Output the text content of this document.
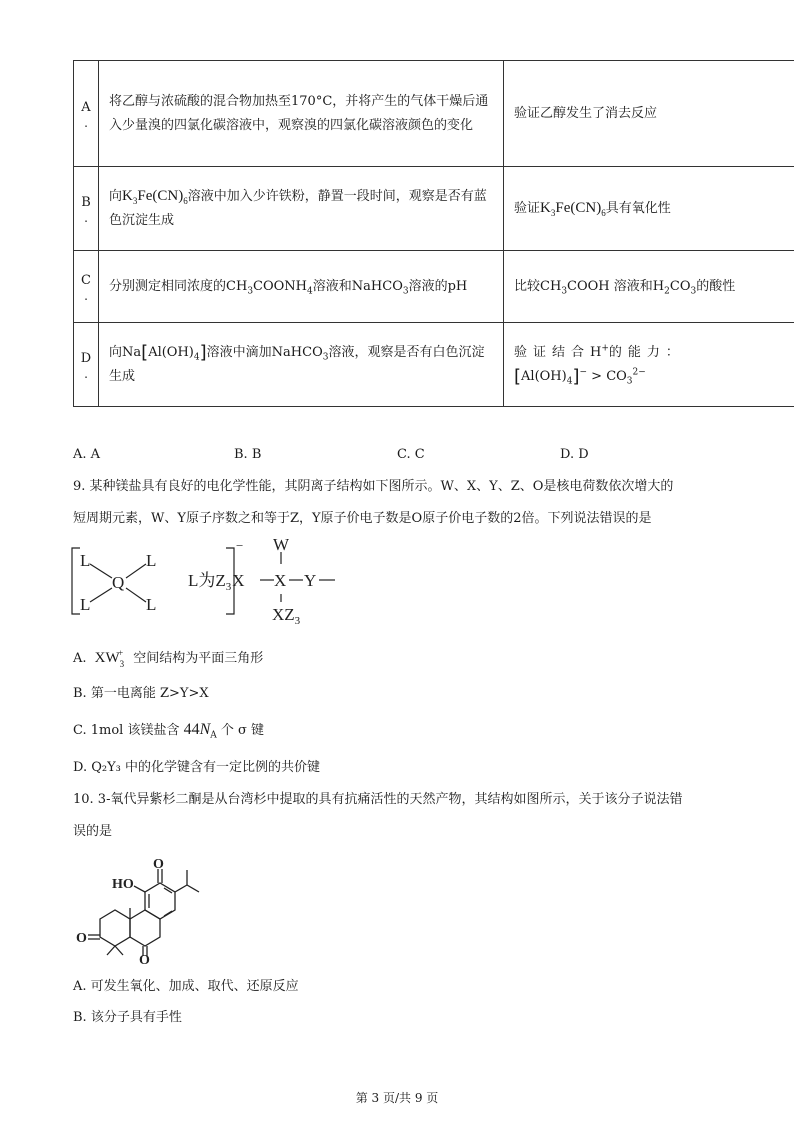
A
.	将乙醇与浓硫酸的混合物加热至170°C，并将产生的气体干燥后通入少量溴的四氯化碳溶液中，观察溴的四氯化碳溶液颜色的变化	验证乙醇发生了消去反应
B
.	向$K_3Fe(CN)_6$溶液中加入少许铁粉，静置一段时间，观察是否有蓝色沉淀生成	验证$K_3Fe(CN)_6$具有氧化性
C
.	分别测定相同浓度的$CH_3COONH_4$溶液和NaHCO$_3$溶液的pH	比较$CH_3COOH$ 溶液和$H_2CO_3$的酸性
D
.	向$Na[Al(OH)_4]$溶液中滴加NaHCO$_3$溶液，观察是否有白色沉淀生成	验证结合H+的能力：
$[Al(OH)_4]^- > CO_3^{2-}$
A. A	B. B	C. C	D. D
9. 某种镁盐具有良好的电化学性能，其阴离子结构如下图所示。W、X、Y、Z、O是核电荷数依次增大的
短周期元素，W、Y原子序数之和等于Z，Y原子价电子数是O原子价电子数的2倍。下列说法错误的是
L	L
L	L
Q
− W
L为$Z_3X$ X Y
$XZ_3$
A. $XW_3^+$ 空间结构为平面三角形
B. 第一电离能 Z>Y>X
C. 1mol 该镁盐含 $44N_A$ 个 σ 键
D. Q₂Y₃ 中的化学键含有一定比例的共价键
10. 3-氧代异紫杉二酮是从台湾杉中提取的具有抗痛活性的天然产物，其结构如图所示，关于该分子说法错
误的是
HO
O
O
O
A. 可发生氧化、加成、取代、还原反应
B. 该分子具有手性
第 3 页/共 9 页
